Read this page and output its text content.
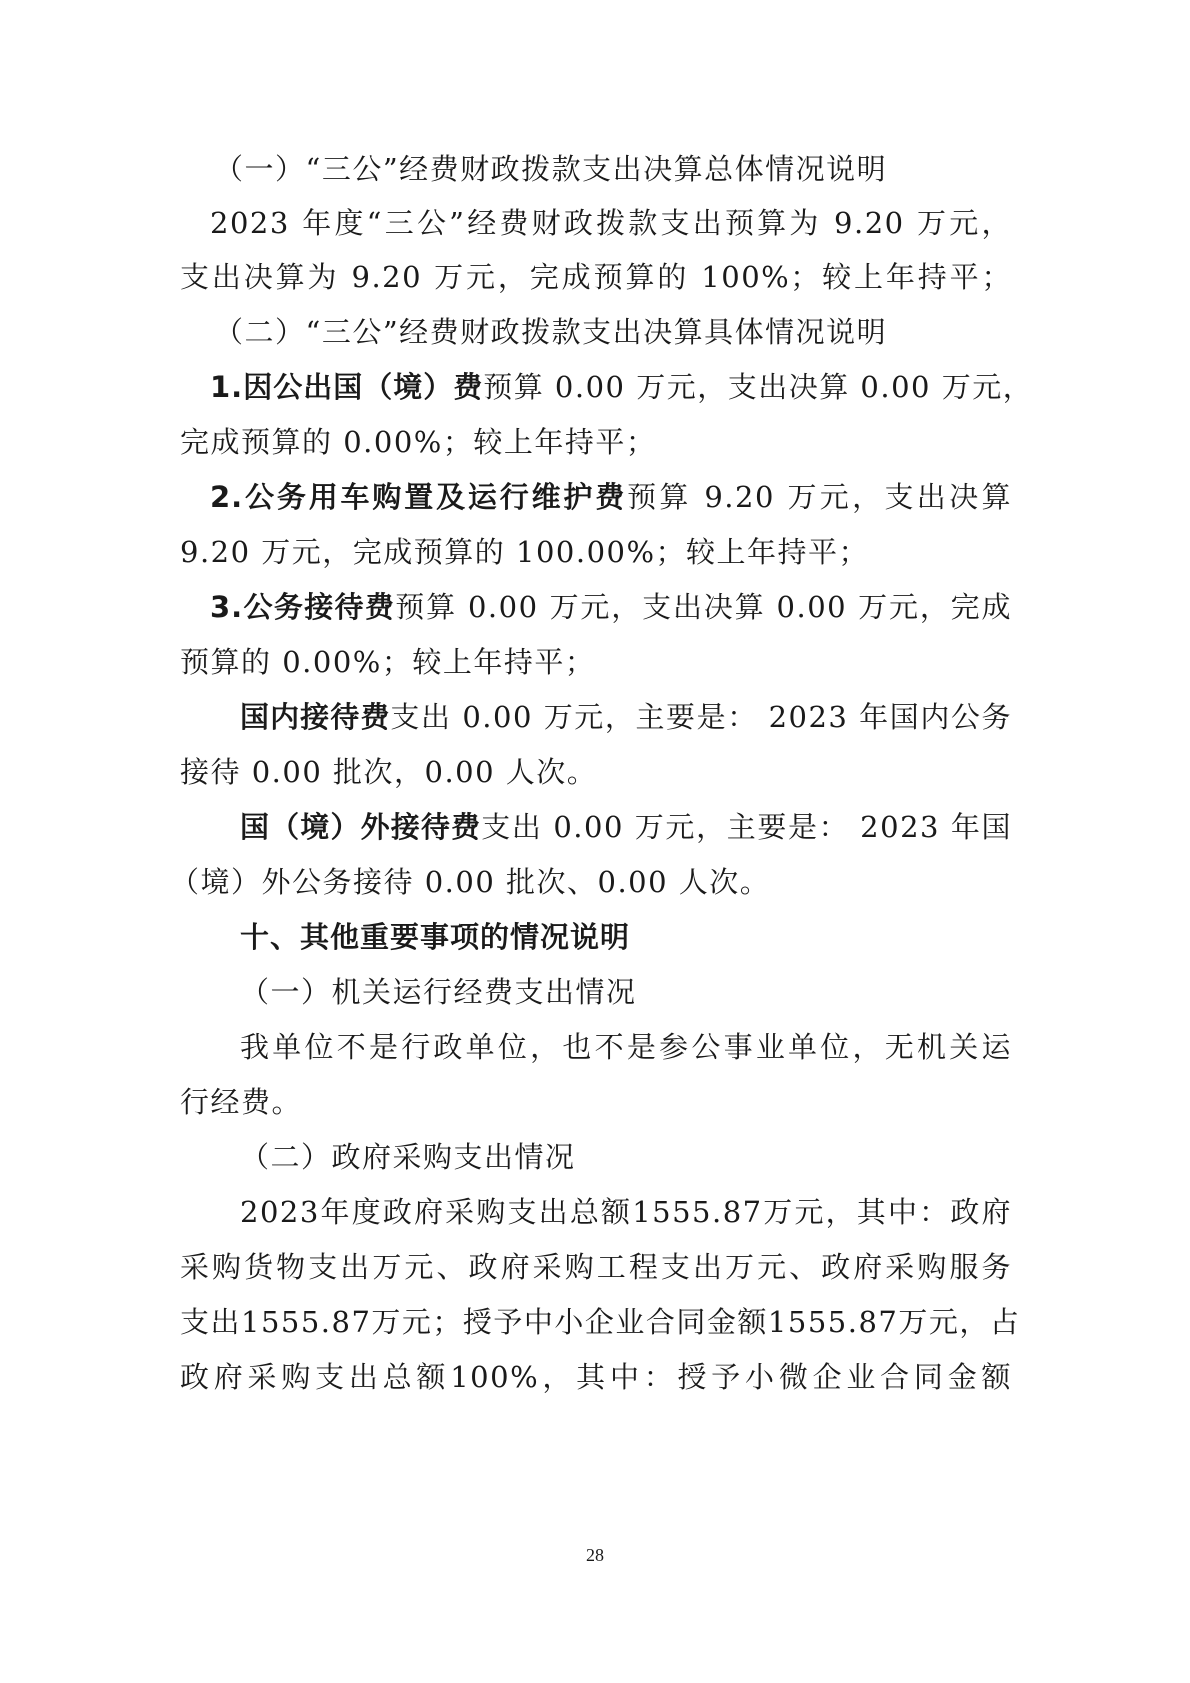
（一）“三公”经费财政拨款支出决算总体情况说明
2023 年度“三公”经费财政拨款支出预算为 9.20 万元，
支出决算为 9.20 万元，完成预算的 100%；较上年持平；
（二）“三公”经费财政拨款支出决算具体情况说明
1.因公出国（境）费预算 0.00 万元，支出决算 0.00 万元，
完成预算的 0.00%；较上年持平；
2.公务用车购置及运行维护费预算 9.20 万元，支出决算
9.20 万元，完成预算的 100.00%；较上年持平；
3.公务接待费预算 0.00 万元，支出决算 0.00 万元，完成
预算的 0.00%；较上年持平；
国内接待费支出 0.00 万元，主要是： 2023 年国内公务
接待 0.00 批次，0.00 人次。
国（境）外接待费支出 0.00 万元，主要是： 2023 年国
（境）外公务接待 0.00 批次、0.00 人次。
十、其他重要事项的情况说明
（一）机关运行经费支出情况
我单位不是行政单位，也不是参公事业单位，无机关运
行经费。
（二）政府采购支出情况
2023年度政府采购支出总额1555.87万元，其中：政府
采购货物支出万元、政府采购工程支出万元、政府采购服务
支出1555.87万元；授予中小企业合同金额1555.87万元，占
政府采购支出总额100%，其中：授予小微企业合同金额
28
